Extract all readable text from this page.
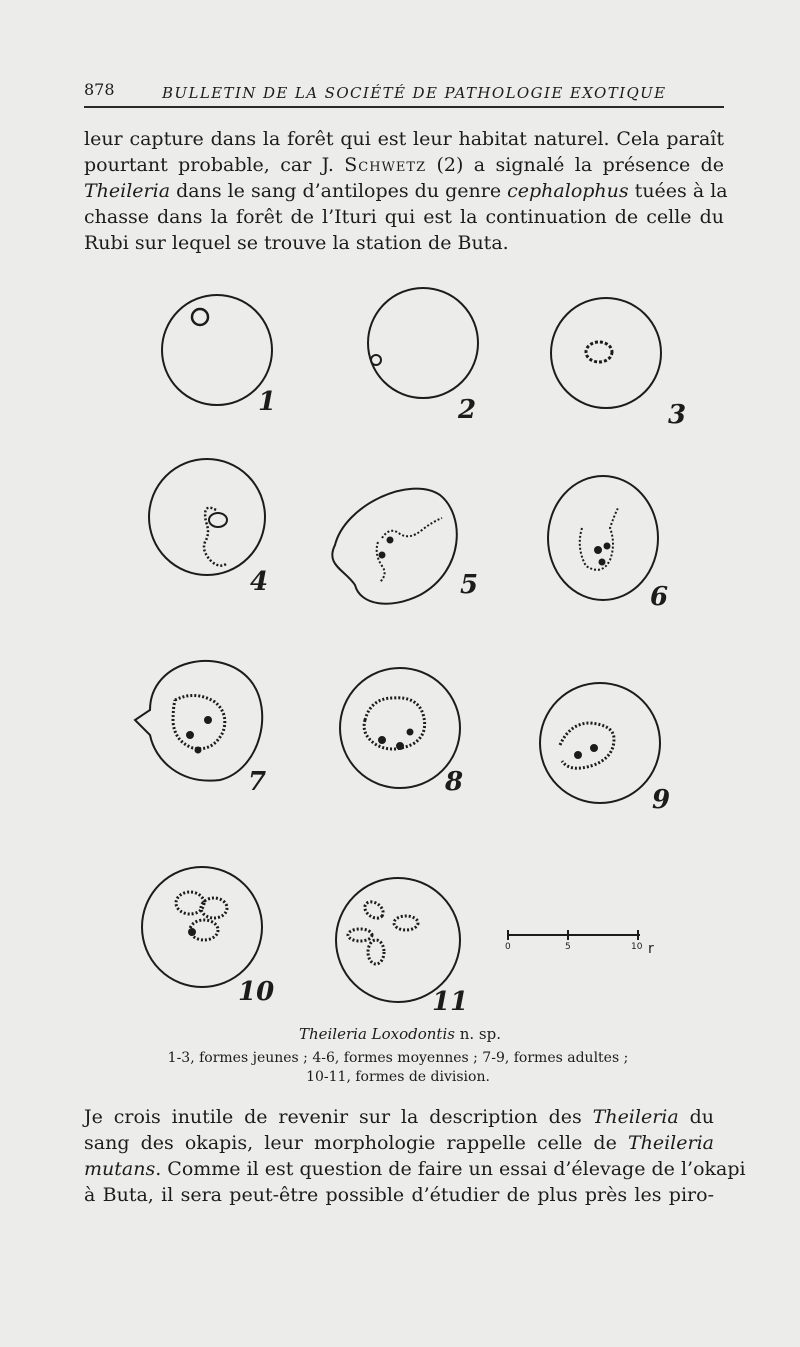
878	BULLETIN DE LA SOCIÉTÉ DE PATHOLOGIE EXOTIQUE
leur capture dans la forêt qui est leur habitat naturel. Cela paraît
pourtant probable, car J. Schwetz (2) a signalé la présence de
Theileria dans le sang d’antilopes du genre cephalophus tuées à la
chasse dans la forêt de l’Ituri qui est la continuation de celle du
Rubi sur lequel se trouve la station de Buta.
1	2	3
4	5	6
7	8
9
10	11
0	5	10 r
Theileria Loxodontis n. sp.
1-3, formes jeunes ; 4-6, formes moyennes ; 7-9, formes adultes ;
10-11, formes de division.
Je crois inutile de revenir sur la description des Theileria du
sang des okapis, leur morphologie rappelle celle de Theileria
mutans. Comme il est question de faire un essai d’élevage de l’okapi
à Buta, il sera peut-être possible d’étudier de plus près les piro-
